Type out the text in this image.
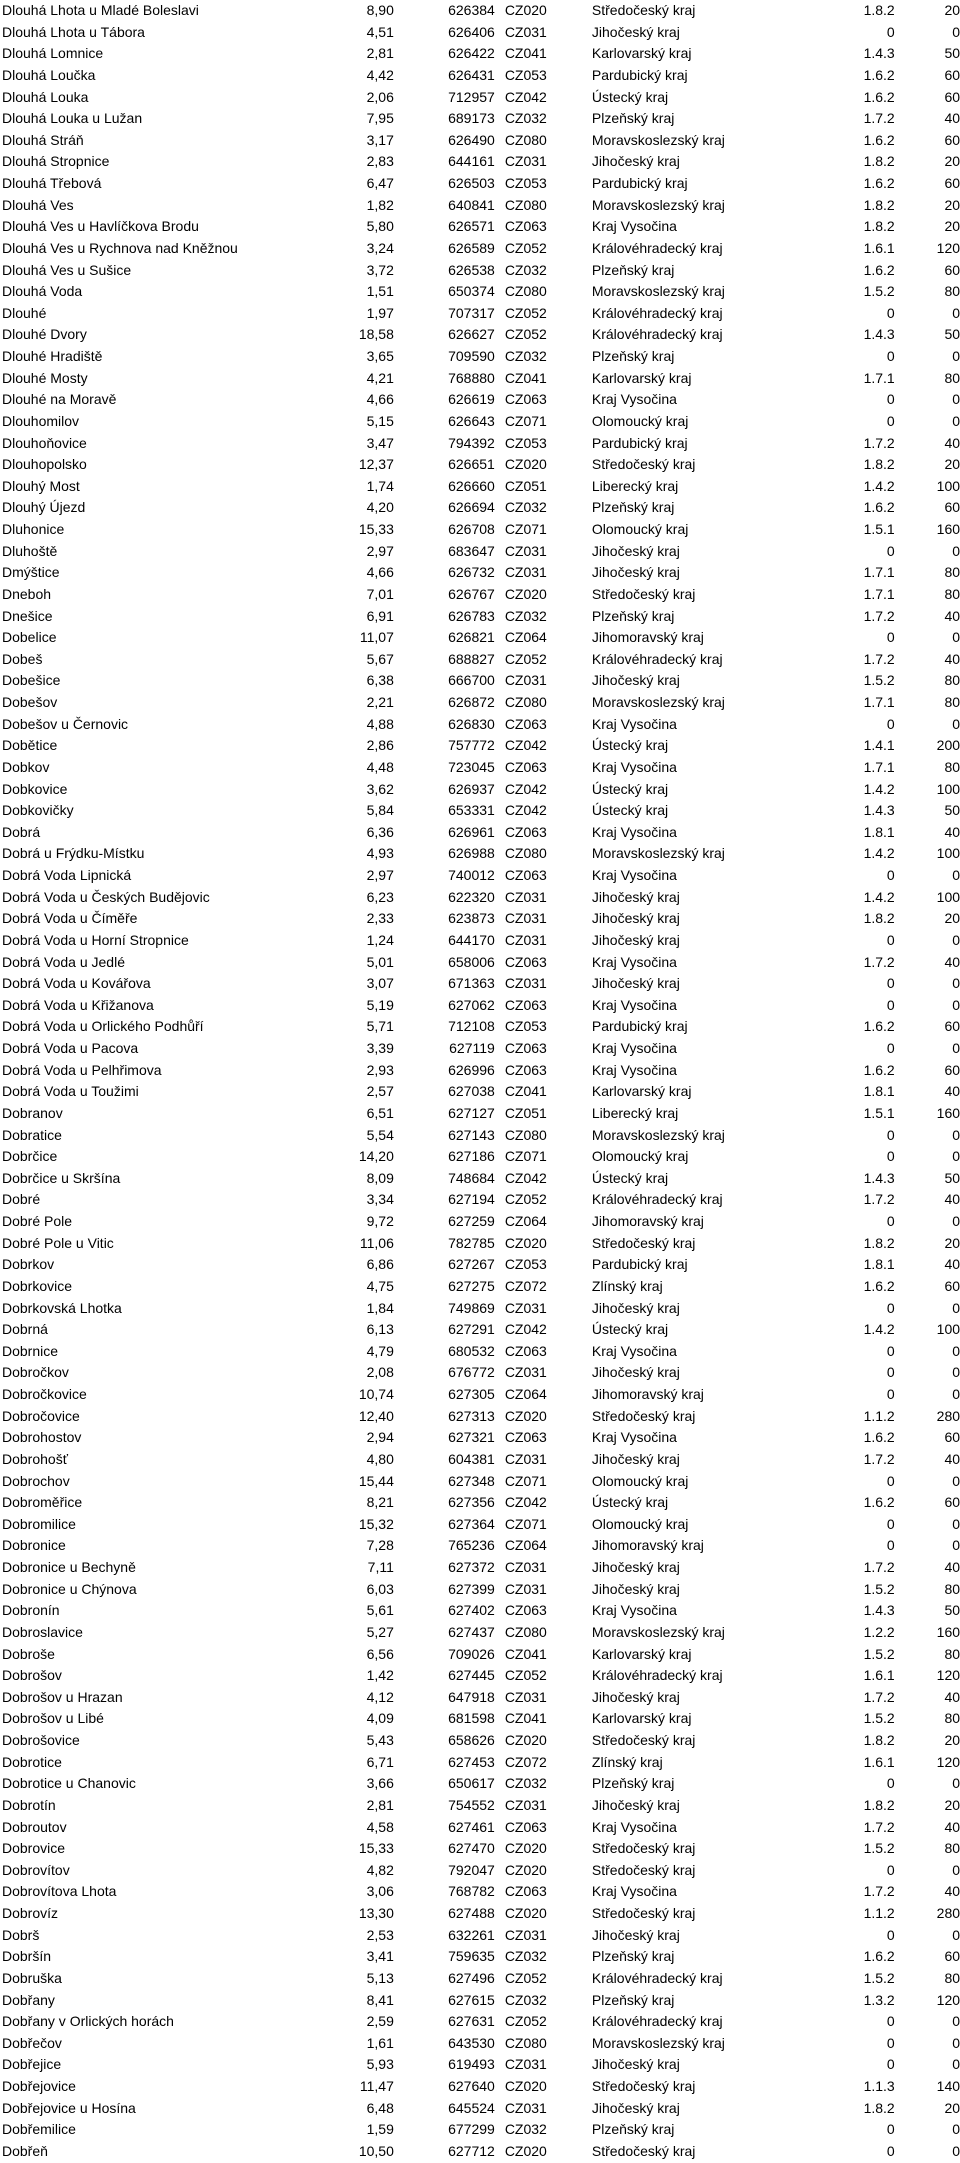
Dlouhá Lhota u Mladé Boleslavi	8,90	626384 CZ020	Středočeský kraj	1.8.2	20
Dlouhá Lhota u Tábora	4,51	626406 CZ031	Jihočeský kraj	0	0
Dlouhá Lomnice	2,81	626422 CZ041	Karlovarský kraj	1.4.3	50
Dlouhá Loučka	4,42	626431 CZ053	Pardubický kraj	1.6.2	60
Dlouhá Louka	2,06	712957 CZ042	Ústecký kraj	1.6.2	60
Dlouhá Louka u Lužan	7,95	689173 CZ032	Plzeňský kraj	1.7.2	40
Dlouhá Stráň	3,17	626490 CZ080	Moravskoslezský kraj	1.6.2	60
Dlouhá Stropnice	2,83	644161 CZ031	Jihočeský kraj	1.8.2	20
Dlouhá Třebová	6,47	626503 CZ053	Pardubický kraj	1.6.2	60
Dlouhá Ves	1,82	640841 CZ080	Moravskoslezský kraj	1.8.2	20
Dlouhá Ves u Havlíčkova Brodu	5,80	626571 CZ063	Kraj Vysočina	1.8.2	20
Dlouhá Ves u Rychnova nad Kněžnou	3,24	626589 CZ052	Královéhradecký kraj	1.6.1	120
Dlouhá Ves u Sušice	3,72	626538 CZ032	Plzeňský kraj	1.6.2	60
Dlouhá Voda	1,51	650374 CZ080	Moravskoslezský kraj	1.5.2	80
Dlouhé	1,97	707317 CZ052	Královéhradecký kraj	0	0
Dlouhé Dvory	18,58	626627 CZ052	Královéhradecký kraj	1.4.3	50
Dlouhé Hradiště	3,65	709590 CZ032	Plzeňský kraj	0	0
Dlouhé Mosty	4,21	768880 CZ041	Karlovarský kraj	1.7.1	80
Dlouhé na Moravě	4,66	626619 CZ063	Kraj Vysočina	0	0
Dlouhomilov	5,15	626643 CZ071	Olomoucký kraj	0	0
Dlouhoňovice	3,47	794392 CZ053	Pardubický kraj	1.7.2	40
Dlouhopolsko	12,37	626651 CZ020	Středočeský kraj	1.8.2	20
Dlouhý Most	1,74	626660 CZ051	Liberecký kraj	1.4.2	100
Dlouhý Újezd	4,20	626694 CZ032	Plzeňský kraj	1.6.2	60
Dluhonice	15,33	626708 CZ071	Olomoucký kraj	1.5.1	160
Dluhoště	2,97	683647 CZ031	Jihočeský kraj	0	0
Dmýštice	4,66	626732 CZ031	Jihočeský kraj	1.7.1	80
Dneboh	7,01	626767 CZ020	Středočeský kraj	1.7.1	80
Dnešice	6,91	626783 CZ032	Plzeňský kraj	1.7.2	40
Dobelice	11,07	626821 CZ064	Jihomoravský kraj	0	0
Dobeš	5,67	688827 CZ052	Královéhradecký kraj	1.7.2	40
Dobešice	6,38	666700 CZ031	Jihočeský kraj	1.5.2	80
Dobešov	2,21	626872 CZ080	Moravskoslezský kraj	1.7.1	80
Dobešov u Černovic	4,88	626830 CZ063	Kraj Vysočina	0	0
Dobětice	2,86	757772 CZ042	Ústecký kraj	1.4.1	200
Dobkov	4,48	723045 CZ063	Kraj Vysočina	1.7.1	80
Dobkovice	3,62	626937 CZ042	Ústecký kraj	1.4.2	100
Dobkovičky	5,84	653331 CZ042	Ústecký kraj	1.4.3	50
Dobrá	6,36	626961 CZ063	Kraj Vysočina	1.8.1	40
Dobrá u Frýdku-Místku	4,93	626988 CZ080	Moravskoslezský kraj	1.4.2	100
Dobrá Voda Lipnická	2,97	740012 CZ063	Kraj Vysočina	0	0
Dobrá Voda u Českých Budějovic	6,23	622320 CZ031	Jihočeský kraj	1.4.2	100
Dobrá Voda u Číměře	2,33	623873 CZ031	Jihočeský kraj	1.8.2	20
Dobrá Voda u Horní Stropnice	1,24	644170 CZ031	Jihočeský kraj	0	0
Dobrá Voda u Jedlé	5,01	658006 CZ063	Kraj Vysočina	1.7.2	40
Dobrá Voda u Kovářova	3,07	671363 CZ031	Jihočeský kraj	0	0
Dobrá Voda u Křižanova	5,19	627062 CZ063	Kraj Vysočina	0	0
Dobrá Voda u Orlického Podhůří	5,71	712108 CZ053	Pardubický kraj	1.6.2	60
Dobrá Voda u Pacova	3,39	627119 CZ063	Kraj Vysočina	0	0
Dobrá Voda u Pelhřimova	2,93	626996 CZ063	Kraj Vysočina	1.6.2	60
Dobrá Voda u Toužimi	2,57	627038 CZ041	Karlovarský kraj	1.8.1	40
Dobranov	6,51	627127 CZ051	Liberecký kraj	1.5.1	160
Dobratice	5,54	627143 CZ080	Moravskoslezský kraj	0	0
Dobrčice	14,20	627186 CZ071	Olomoucký kraj	0	0
Dobrčice u Skršína	8,09	748684 CZ042	Ústecký kraj	1.4.3	50
Dobré	3,34	627194 CZ052	Královéhradecký kraj	1.7.2	40
Dobré Pole	9,72	627259 CZ064	Jihomoravský kraj	0	0
Dobré Pole u Vitic	11,06	782785 CZ020	Středočeský kraj	1.8.2	20
Dobrkov	6,86	627267 CZ053	Pardubický kraj	1.8.1	40
Dobrkovice	4,75	627275 CZ072	Zlínský kraj	1.6.2	60
Dobrkovská Lhotka	1,84	749869 CZ031	Jihočeský kraj	0	0
Dobrná	6,13	627291 CZ042	Ústecký kraj	1.4.2	100
Dobrnice	4,79	680532 CZ063	Kraj Vysočina	0	0
Dobročkov	2,08	676772 CZ031	Jihočeský kraj	0	0
Dobročkovice	10,74	627305 CZ064	Jihomoravský kraj	0	0
Dobročovice	12,40	627313 CZ020	Středočeský kraj	1.1.2	280
Dobrohostov	2,94	627321 CZ063	Kraj Vysočina	1.6.2	60
Dobrohošť	4,80	604381 CZ031	Jihočeský kraj	1.7.2	40
Dobrochov	15,44	627348 CZ071	Olomoucký kraj	0	0
Dobroměřice	8,21	627356 CZ042	Ústecký kraj	1.6.2	60
Dobromilice	15,32	627364 CZ071	Olomoucký kraj	0	0
Dobronice	7,28	765236 CZ064	Jihomoravský kraj	0	0
Dobronice u Bechyně	7,11	627372 CZ031	Jihočeský kraj	1.7.2	40
Dobronice u Chýnova	6,03	627399 CZ031	Jihočeský kraj	1.5.2	80
Dobronín	5,61	627402 CZ063	Kraj Vysočina	1.4.3	50
Dobroslavice	5,27	627437 CZ080	Moravskoslezský kraj	1.2.2	160
Dobroše	6,56	709026 CZ041	Karlovarský kraj	1.5.2	80
Dobrošov	1,42	627445 CZ052	Královéhradecký kraj	1.6.1	120
Dobrošov u Hrazan	4,12	647918 CZ031	Jihočeský kraj	1.7.2	40
Dobrošov u Libé	4,09	681598 CZ041	Karlovarský kraj	1.5.2	80
Dobrošovice	5,43	658626 CZ020	Středočeský kraj	1.8.2	20
Dobrotice	6,71	627453 CZ072	Zlínský kraj	1.6.1	120
Dobrotice u Chanovic	3,66	650617 CZ032	Plzeňský kraj	0	0
Dobrotín	2,81	754552 CZ031	Jihočeský kraj	1.8.2	20
Dobroutov	4,58	627461 CZ063	Kraj Vysočina	1.7.2	40
Dobrovice	15,33	627470 CZ020	Středočeský kraj	1.5.2	80
Dobrovítov	4,82	792047 CZ020	Středočeský kraj	0	0
Dobrovítova Lhota	3,06	768782 CZ063	Kraj Vysočina	1.7.2	40
Dobrovíz	13,30	627488 CZ020	Středočeský kraj	1.1.2	280
Dobrš	2,53	632261 CZ031	Jihočeský kraj	0	0
Dobršín	3,41	759635 CZ032	Plzeňský kraj	1.6.2	60
Dobruška	5,13	627496 CZ052	Královéhradecký kraj	1.5.2	80
Dobřany	8,41	627615 CZ032	Plzeňský kraj	1.3.2	120
Dobřany v Orlických horách	2,59	627631 CZ052	Královéhradecký kraj	0	0
Dobřečov	1,61	643530 CZ080	Moravskoslezský kraj	0	0
Dobřejice	5,93	619493 CZ031	Jihočeský kraj	0	0
Dobřejovice	11,47	627640 CZ020	Středočeský kraj	1.1.3	140
Dobřejovice u Hosína	6,48	645524 CZ031	Jihočeský kraj	1.8.2	20
Dobřemilice	1,59	677299 CZ032	Plzeňský kraj	0	0
Dobřeň	10,50	627712 CZ020	Středočeský kraj	0	0
